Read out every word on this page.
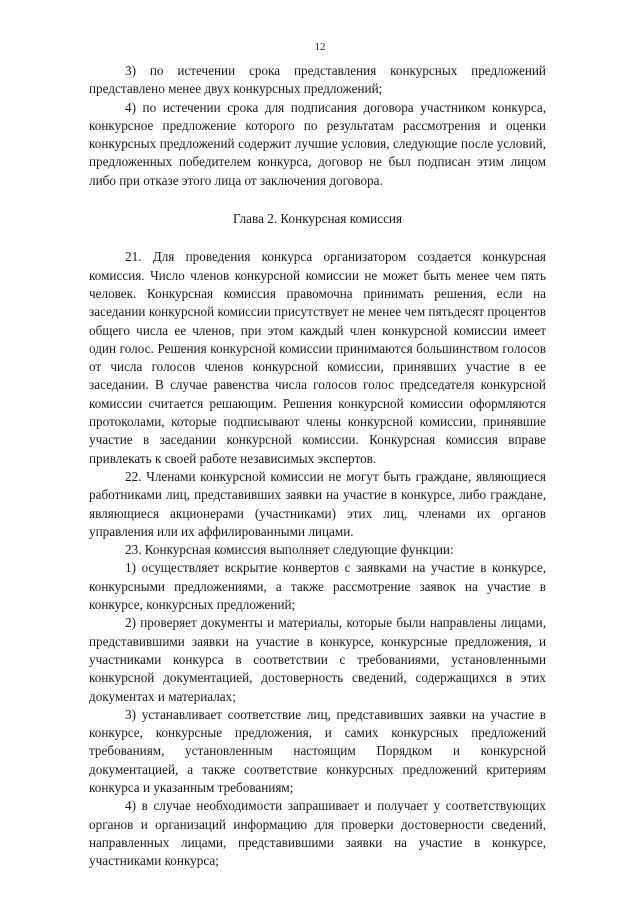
12

3) по истечении срока представления конкурсных предложений представлено менее двух конкурсных предложений;

4) по истечении срока для подписания договора участником конкурса, конкурсное предложение которого по результатам рассмотрения и оценки конкурсных предложений содержит лучшие условия, следующие после условий, предложенных победителем конкурса, договор не был подписан этим лицом либо при отказе этого лица от заключения договора.

Глава 2. Конкурсная комиссия

21. Для проведения конкурса организатором создается конкурсная комиссия. Число членов конкурсной комиссии не может быть менее чем пять человек. Конкурсная комиссия правомочна принимать решения, если на заседании конкурсной комиссии присутствует не менее чем пятьдесят процентов общего числа ее членов, при этом каждый член конкурсной комиссии имеет один голос. Решения конкурсной комиссии принимаются большинством голосов от числа голосов членов конкурсной комиссии, принявших участие в ее заседании. В случае равенства числа голосов голос председателя конкурсной комиссии считается решающим. Решения конкурсной комиссии оформляются протоколами, которые подписывают члены конкурсной комиссии, принявшие участие в заседании конкурсной комиссии. Конкурсная комиссия вправе привлекать к своей работе независимых экспертов.

22. Членами конкурсной комиссии не могут быть граждане, являющиеся работниками лиц, представивших заявки на участие в конкурсе, либо граждане, являющиеся акционерами (участниками) этих лиц, членами их органов управления или их аффилированными лицами.

23. Конкурсная комиссия выполняет следующие функции:

1) осуществляет вскрытие конвертов с заявками на участие в конкурсе, конкурсными предложениями, а также рассмотрение заявок на участие в конкурсе, конкурсных предложений;

2) проверяет документы и материалы, которые были направлены лицами, представившими заявки на участие в конкурсе, конкурсные предложения, и участниками конкурса в соответствии с требованиями, установленными конкурсной документацией, достоверность сведений, содержащихся в этих документах и материалах;

3) устанавливает соответствие лиц, представивших заявки на участие в конкурсе, конкурсные предложения, и самих конкурсных предложений требованиям, установленным настоящим Порядком и конкурсной документацией, а также соответствие конкурсных предложений критериям конкурса и указанным требованиям;

4) в случае необходимости запрашивает и получает у соответствующих органов и организаций информацию для проверки достоверности сведений, направленных лицами, представившими заявки на участие в конкурсе, участниками конкурса;
